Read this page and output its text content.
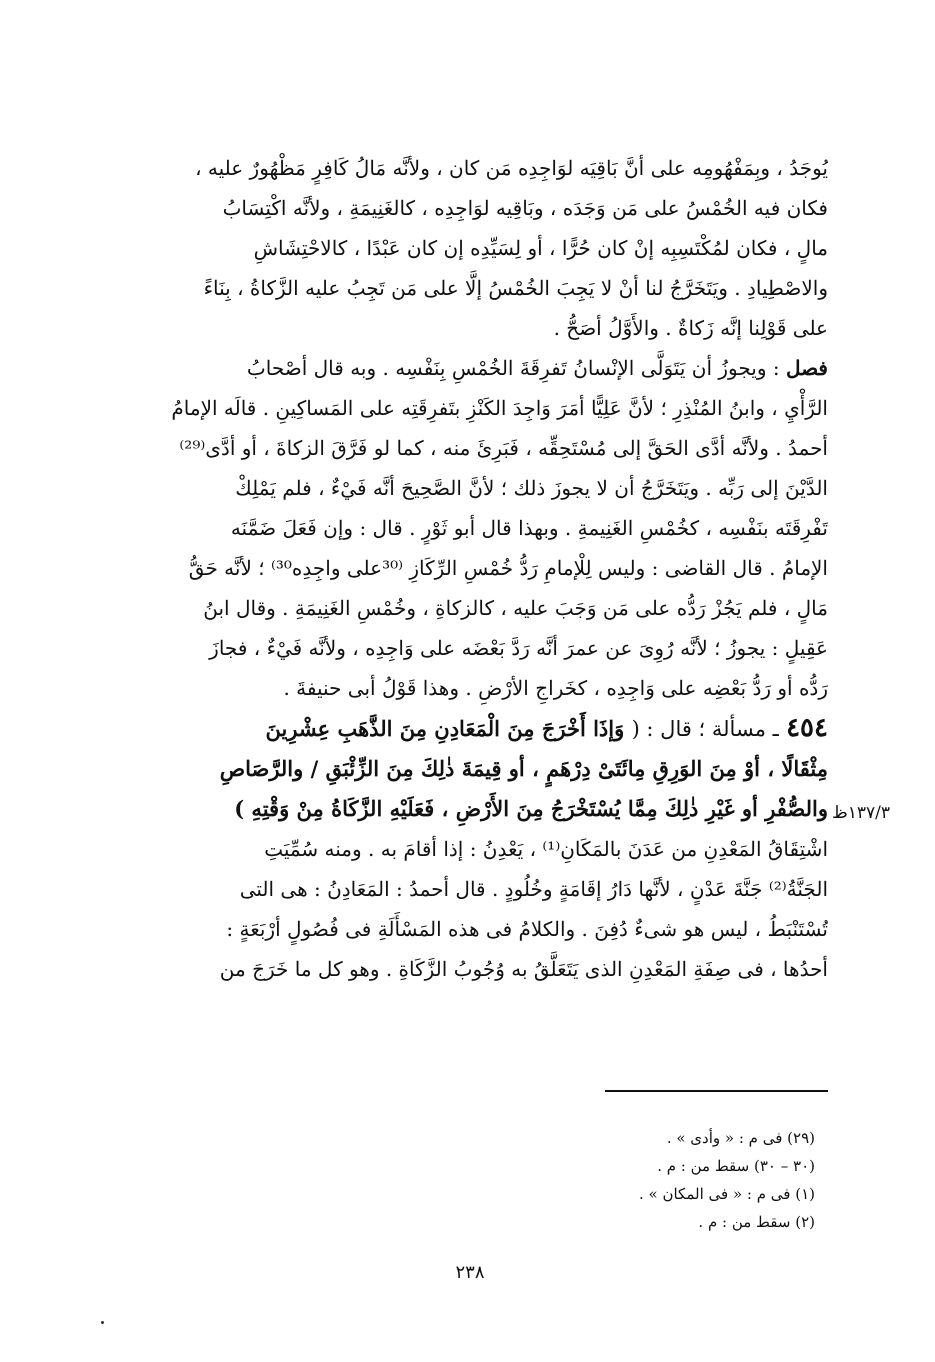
يُوجَدُ ، وبِمَفْهُومِه على أنَّ بَاقِيَه لوَاجِدِه مَن كان ، ولأنَّه مَالُ كَافِرٍ مَظْهُورٌ عليه ،
فكان فيه الخُمْسُ على مَن وَجَدَه ، وبَاقِيه لوَاجِدِه ، كالغَنِيمَةِ ، ولأنَّه اكْتِسَابُ
مالٍ ، فكان لمُكْتَسِبِه إنْ كان حُرًّا ، أو لِسَيِّدِه إن كان عَبْدًا ، كالاحْتِشَاشِ
والاصْطِيادِ . ويَتَخَرَّجُ لنا أنْ لا يَجِبَ الخُمْسُ إلَّا على مَن تَجِبُ عليه الزَّكاةُ ، بِنَاءً
على قَوْلِنا إنَّه زَكاةٌ . والأَوَّلُ أصَحُّ .
فصل : ويجوزُ أن يَتَوَلَّى الإنْسانُ تَفرِقَةَ الخُمْسِ بِنَفْسِه . وبه قال أصْحابُ
الرَّأْيِ ، وابنُ المُنْذِرِ ؛ لأنَّ عَلِيًّا أمَرَ وَاجِدَ الكَنْزِ بتَفرِقَتِه على المَساكِينِ . قالَه الإمامُ
أحمدُ . ولأنَّه أدَّى الحَقَّ إلى مُسْتَحِقِّه ، فَبَرِئَ منه ، كما لو فَرَّقَ الزكاةَ ، أو أدَّى⁽²⁹⁾
الدَّيْنَ إلى رَبِّه . ويَتَخَرَّجُ أن لا يجوزَ ذلك ؛ لأنَّ الصَّحِيحَ أنَّه فَيْءٌ ، فلم يَمْلِكْ
تَفْرِقَتَه بنَفْسِه ، كخُمْسِ الغَنِيمةِ . وبهذا قال أبو ثَوْرٍ . قال : وإن فَعَلَ ضَمَّنَه
الإمامُ . قال القاضى : وليس لِلْإمامِ رَدُّ خُمْسِ الرِّكَازِ ⁽³⁰على واجِدِه³⁰⁾ ؛ لأنَّه حَقُّ
مَالٍ ، فلم يَجُزْ رَدُّه على مَن وَجَبَ عليه ، كالزكاةِ ، وخُمْسِ الغَنِيمَةِ . وقال ابنُ
عَقِيلٍ : يجوزُ ؛ لأنَّه رُوِىَ عن عمرَ أنَّه رَدَّ بَعْضَه على وَاجِدِه ، ولأنَّه فَيْءٌ ، فجازَ
رَدُّه أو رَدُّ بَعْضِه على وَاجِدِه ، كخَراجِ الأرْضِ . وهذا قَوْلُ أبى حنيفةَ .
٤٥٤ ـ مسألة ؛ قال : ( وَإذَا أَخْرَجَ مِنَ الْمَعَادِنِ مِنَ الذَّهَبِ عِشْرِينَ
مِثْقَالًا ، أوْ مِنَ الوَرِقِ مِائَتَىْ دِرْهَمٍ ، أو قِيمَةَ ذٰلِكَ مِنَ الزِّئْبَقِ / والرَّصَاصِ
والصُّفْرِ أو غَيْرِ ذٰلِكَ مِمَّا يُسْتَخْرَجُ مِنَ الأَرْضِ ، فَعَلَيْهِ الزَّكَاةُ مِنْ وَقْتِهِ )
اشْتِقَاقُ المَعْدِنِ من عَدَنَ بالمَكَانِ⁽¹⁾ ، يَعْدِنُ : إذا أقامَ به . ومنه سُمِّيَتِ
الجَنَّةُ⁽²⁾ جَنَّةَ عَدْنٍ ، لأنَّها دَارُ إقَامَةٍ وخُلُودٍ . قال أحمدُ : المَعَادِنُ : هى التى
تُسْتَنْبَطُ ، ليس هو شىءٌ دُفِنَ . والكلامُ فى هذه المَسْأَلَةِ فى فُصُولٍ أرْبَعَةٍ :
أحدُها ، فى صِفَةِ المَعْدِنِ الذى يَتَعَلَّقُ به وُجُوبُ الزَّكَاةِ . وهو كل ما خَرَجَ من
١٣٧/٣ظ
(٢٩) فى م : « وأدى » .
(٣٠ – ٣٠) سقط من : م .
(١) فى م : « فى المكان » .
(٢) سقط من : م .
٢٣٨
